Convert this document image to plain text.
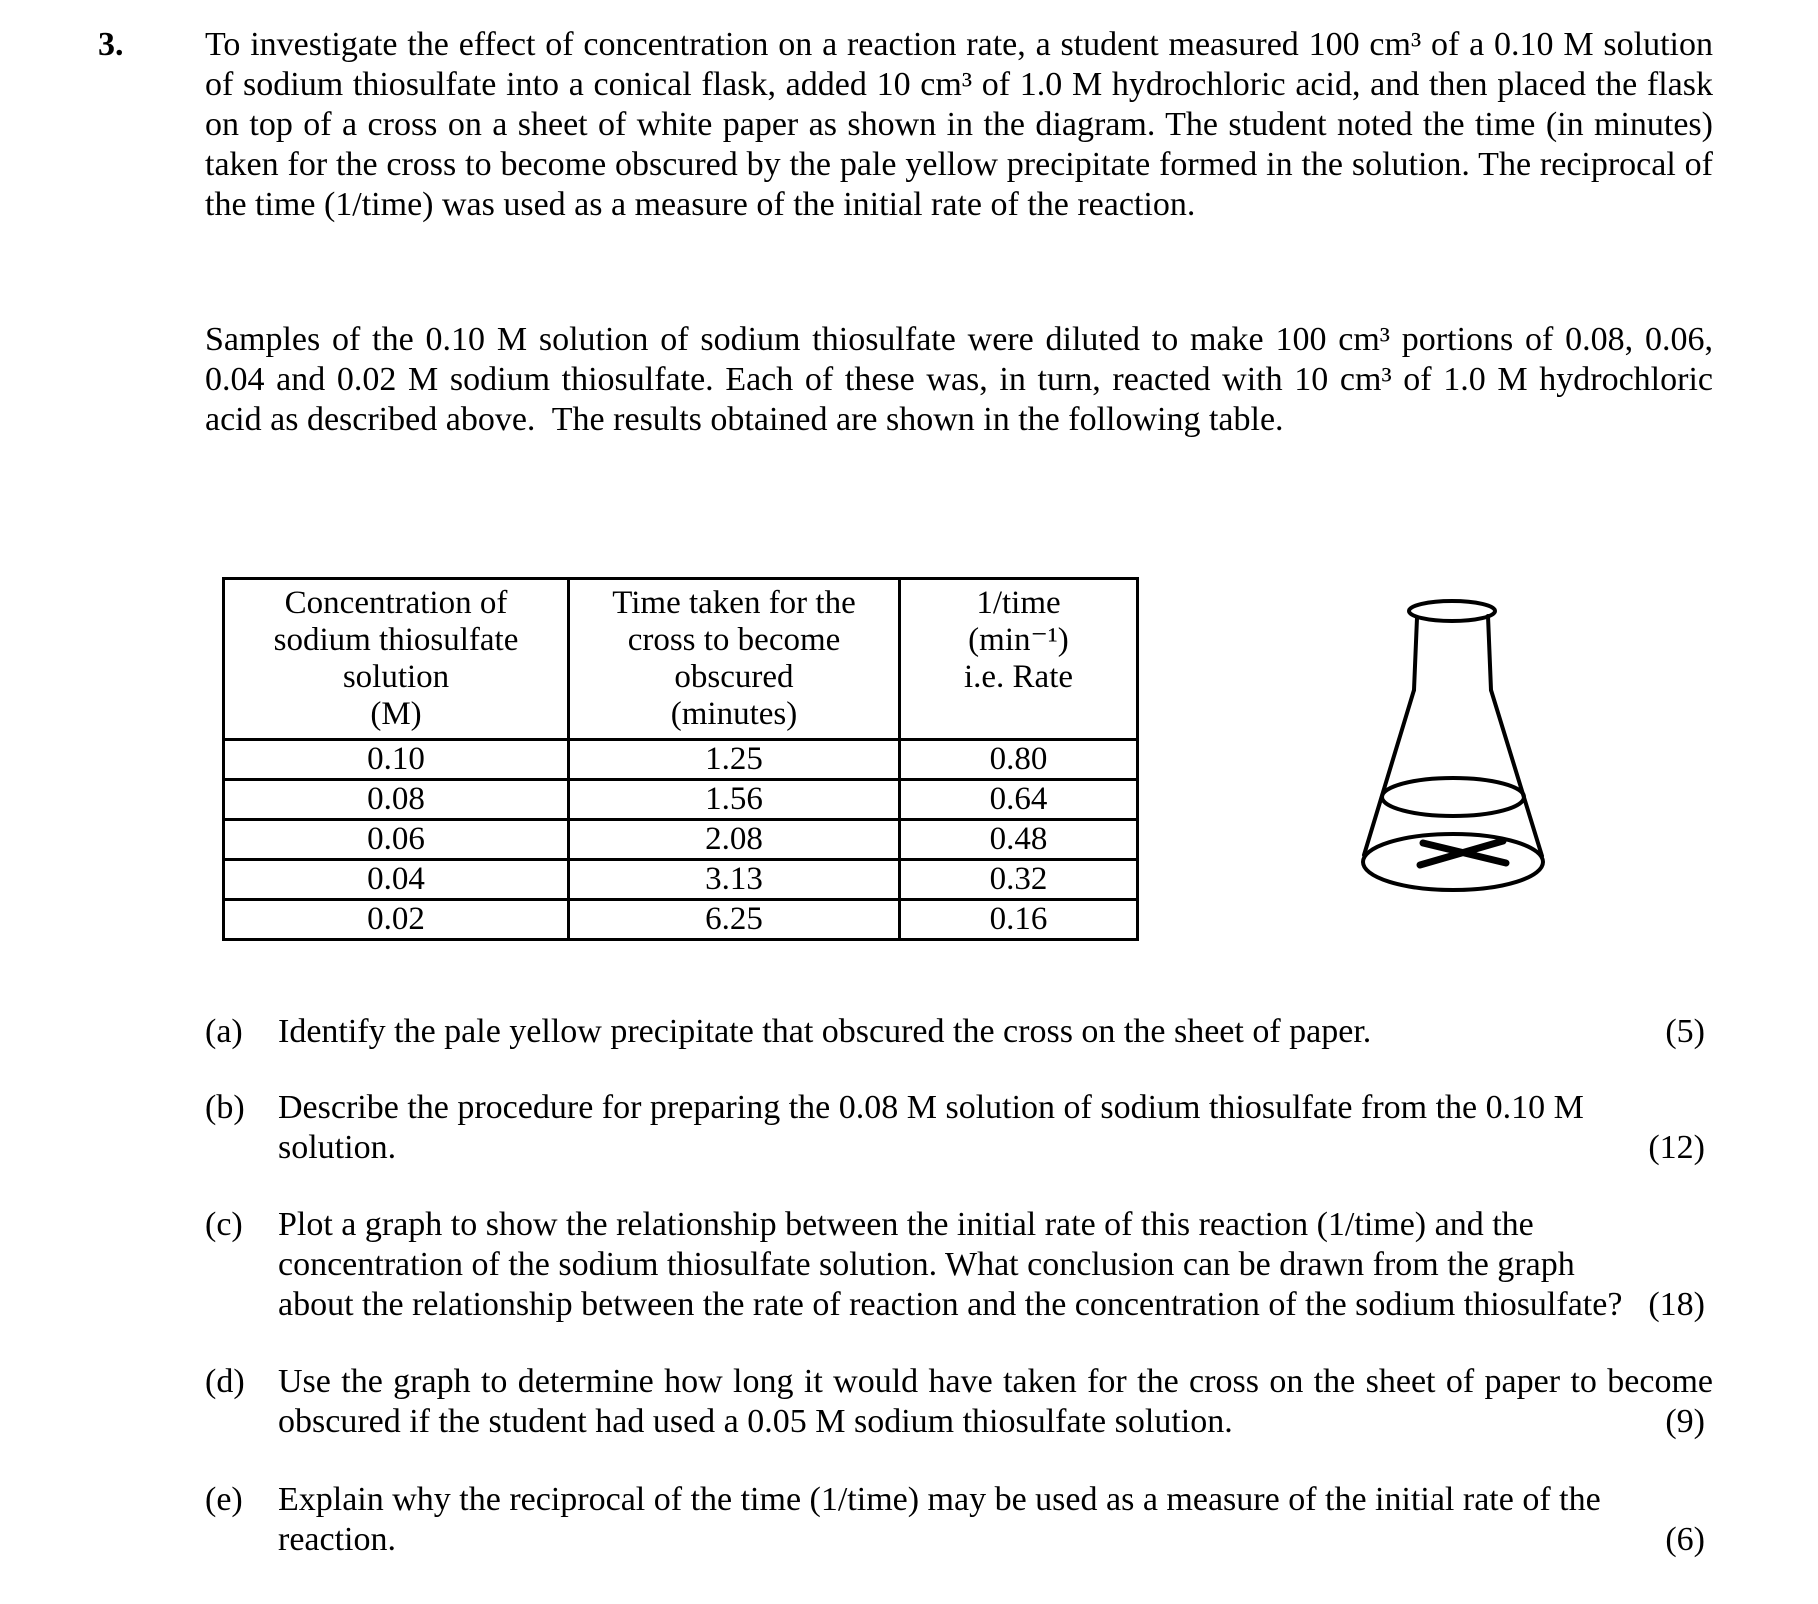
3. To investigate the effect of concentration on a reaction rate, a student measured 100 cm³ of a 0.10 M solution
of sodium thiosulfate into a conical flask, added 10 cm³ of 1.0 M hydrochloric acid, and then placed the flask
on top of a cross on a sheet of white paper as shown in the diagram. The student noted the time (in minutes)
taken for the cross to become obscured by the pale yellow precipitate formed in the solution. The reciprocal of
the time (1/time) was used as a measure of the initial rate of the reaction.
Samples of the 0.10 M solution of sodium thiosulfate were diluted to make 100 cm³ portions of 0.08, 0.06,
0.04 and 0.02 M sodium thiosulfate. Each of these was, in turn, reacted with 10 cm³ of 1.0 M hydrochloric
acid as described above.  The results obtained are shown in the following table.
Concentration of
sodium thiosulfate
solution
(M)

Time taken for the
cross to become
obscured
(minutes)

1/time
(min⁻¹)
i.e. Rate

0.10	1.25	0.80
0.08	1.56	0.64
0.06	2.08	0.48
0.04	3.13	0.32
0.02	6.25	0.16
(a) Identify the pale yellow precipitate that obscured the cross on the sheet of paper.	(5)
(b) Describe the procedure for preparing the 0.08 M solution of sodium thiosulfate from the 0.10 M
solution.	(12)
(c) Plot a graph to show the relationship between the initial rate of this reaction (1/time) and the
concentration of the sodium thiosulfate solution. What conclusion can be drawn from the graph
about the relationship between the rate of reaction and the concentration of the sodium thiosulfate? (18)
(d) Use the graph to determine how long it would have taken for the cross on the sheet of paper to become
obscured if the student had used a 0.05 M sodium thiosulfate solution.	(9)
(e) Explain why the reciprocal of the time (1/time) may be used as a measure of the initial rate of the
reaction.	(6)
